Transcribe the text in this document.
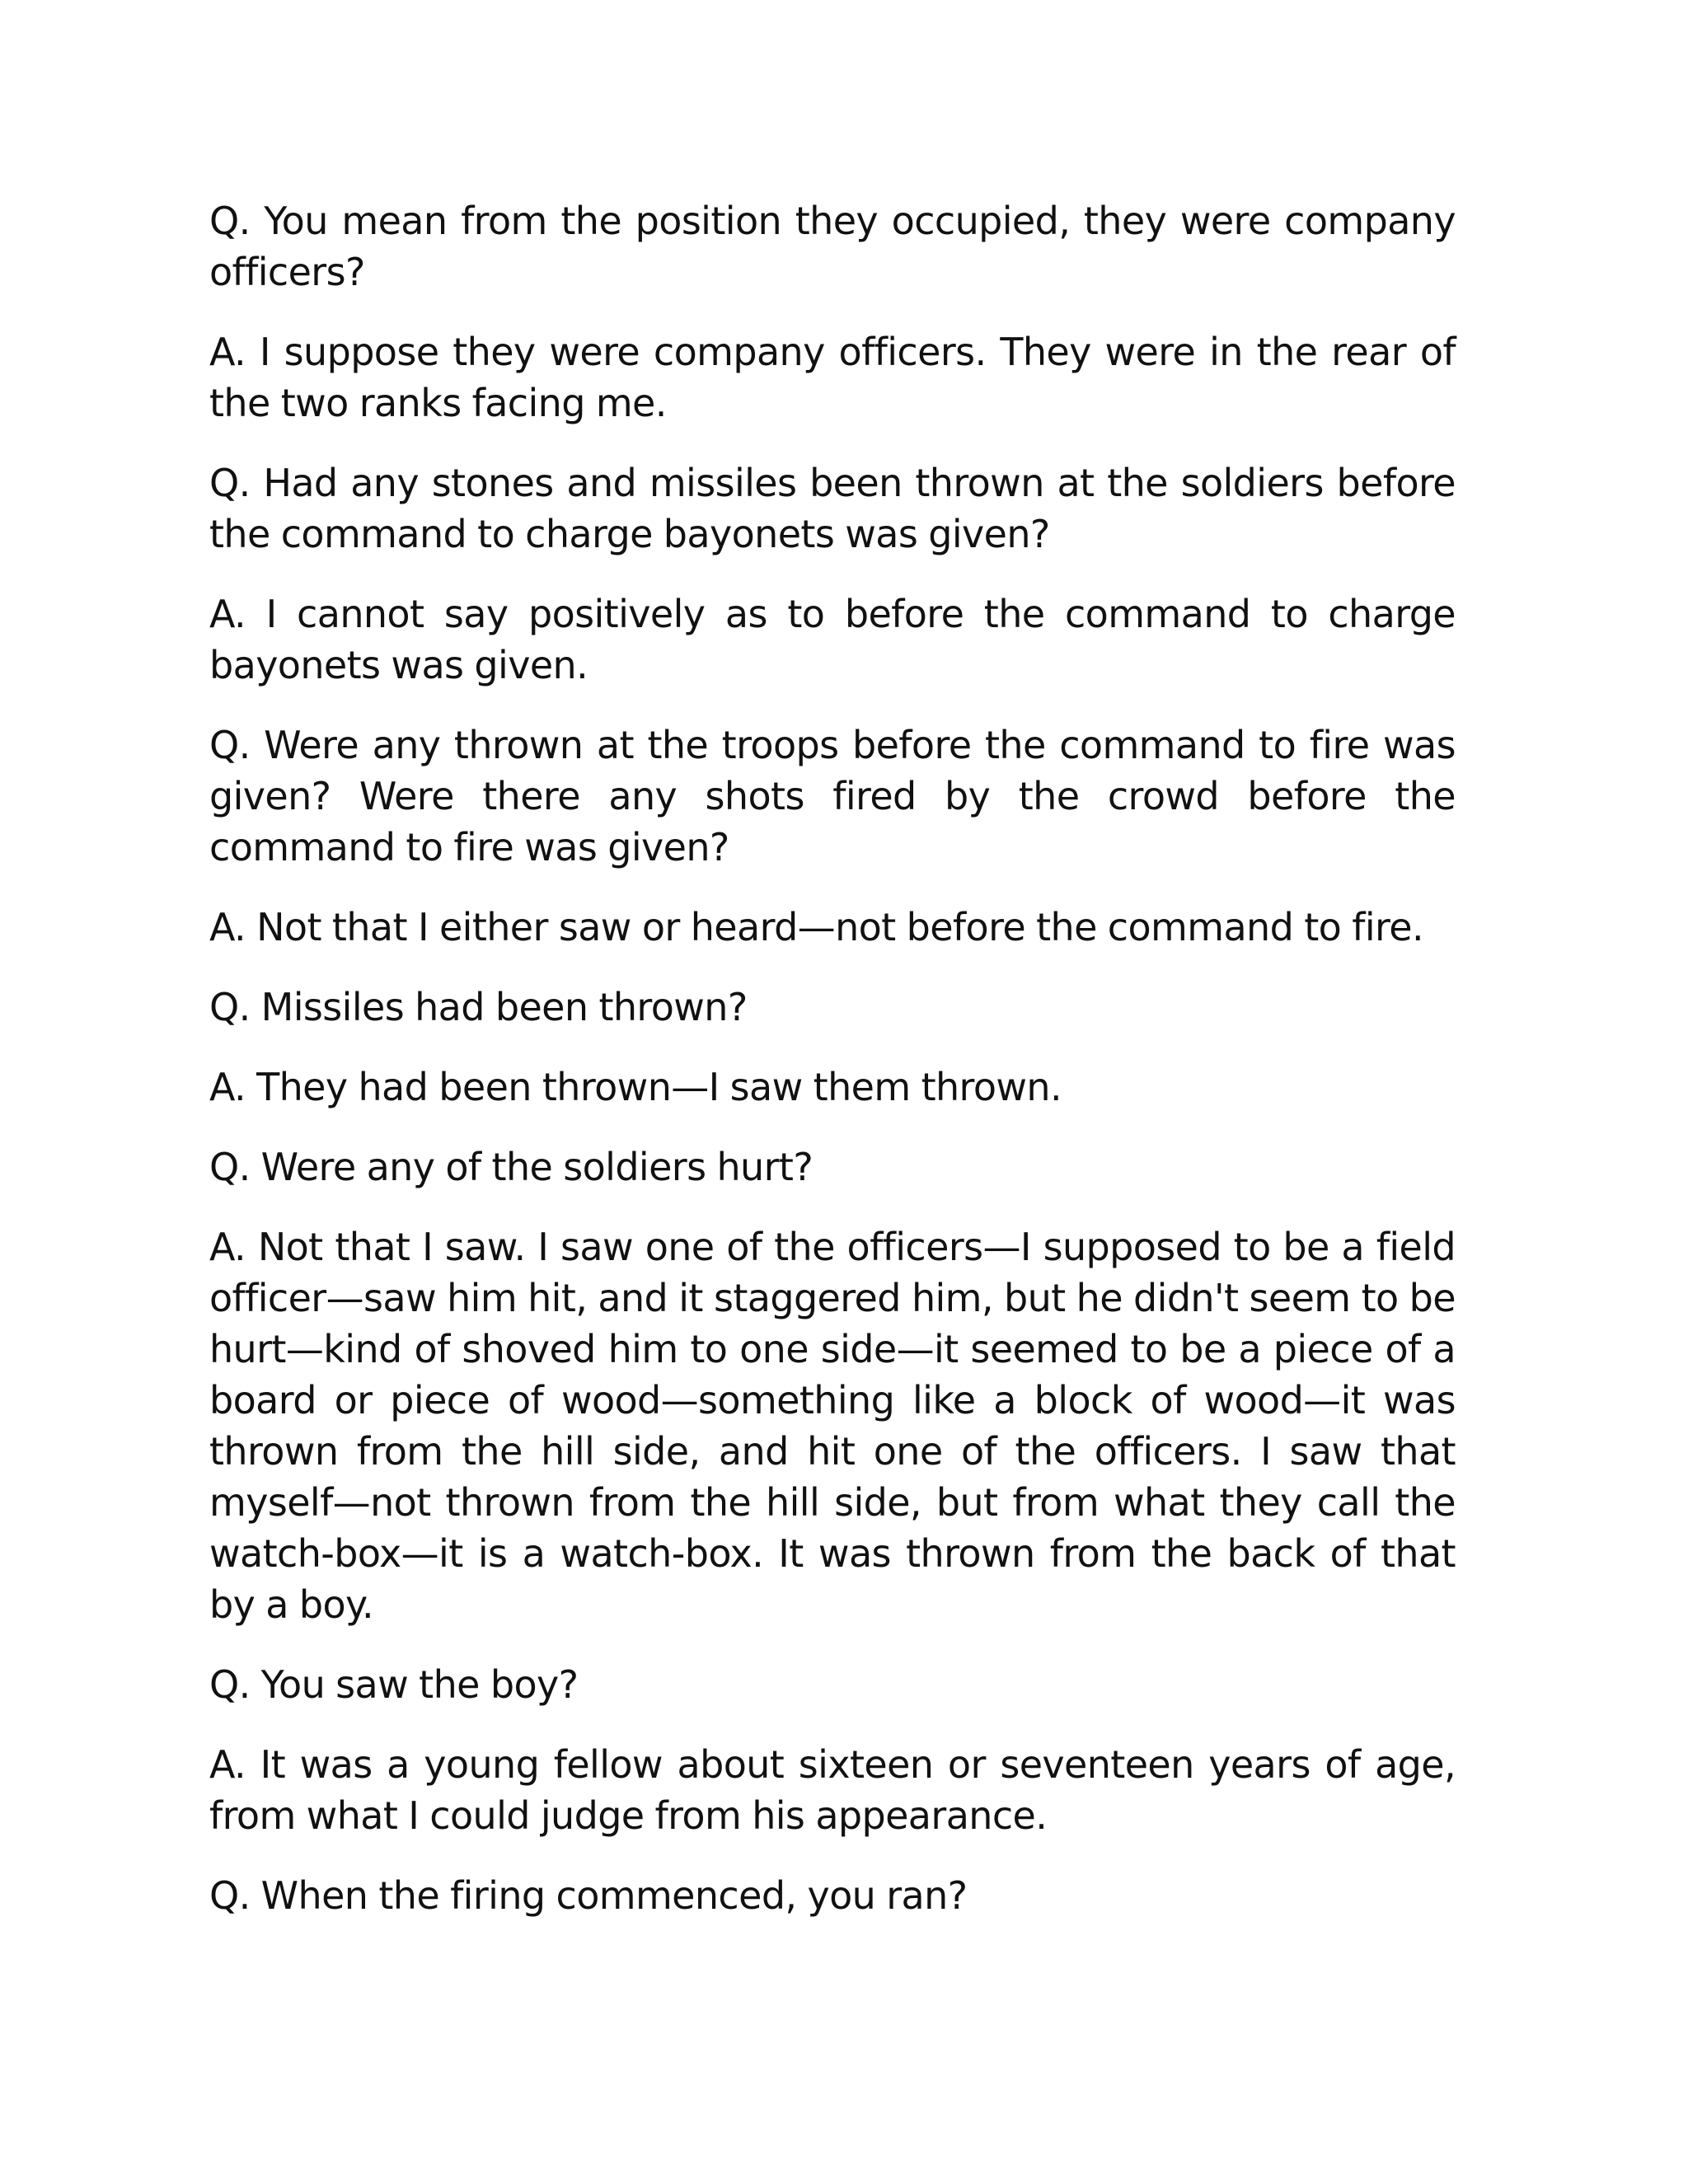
Q. You mean from the position they occupied, they were company officers?

A. I suppose they were company officers. They were in the rear of the two ranks facing me.

Q. Had any stones and missiles been thrown at the soldiers before the command to charge bayonets was given?

A. I cannot say positively as to before the command to charge bayonets was given.

Q. Were any thrown at the troops before the command to fire was given? Were there any shots fired by the crowd before the command to fire was given?

A. Not that I either saw or heard—not before the command to fire.

Q. Missiles had been thrown?

A. They had been thrown—I saw them thrown.

Q. Were any of the soldiers hurt?

A. Not that I saw. I saw one of the officers—I supposed to be a field officer—saw him hit, and it staggered him, but he didn't seem to be hurt—kind of shoved him to one side—it seemed to be a piece of a board or piece of wood—something like a block of wood—it was thrown from the hill side, and hit one of the officers. I saw that myself—not thrown from the hill side, but from what they call the watch-box—it is a watch-box. It was thrown from the back of that by a boy.

Q. You saw the boy?

A. It was a young fellow about sixteen or seventeen years of age, from what I could judge from his appearance.

Q. When the firing commenced, you ran?
